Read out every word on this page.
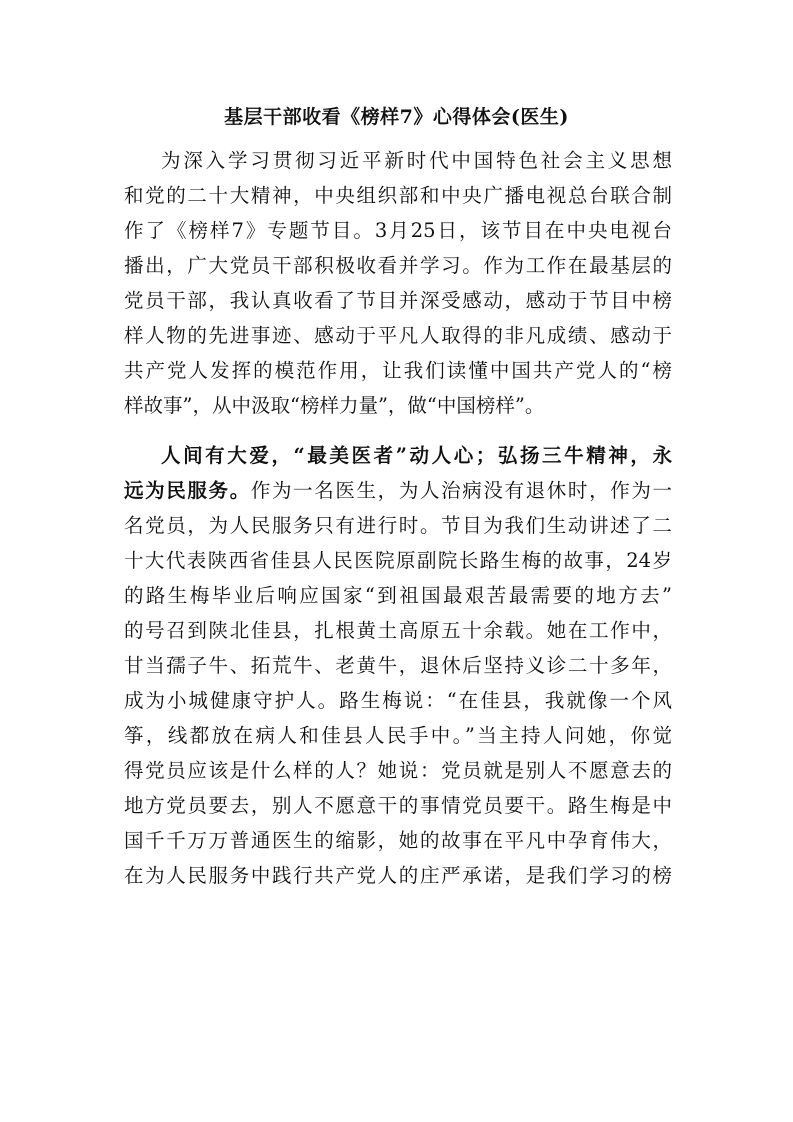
基层干部收看《榜样7》心得体会(医生)
为深入学习贯彻习近平新时代中国特色社会主义思想
和党的二十大精神，中央组织部和中央广播电视总台联合制
作了《榜样7》专题节目。3月25日，该节目在中央电视台
播出，广大党员干部积极收看并学习。作为工作在最基层的
党员干部，我认真收看了节目并深受感动，感动于节目中榜
样人物的先进事迹、感动于平凡人取得的非凡成绩、感动于
共产党人发挥的模范作用，让我们读懂中国共产党人的“榜
样故事”，从中汲取“榜样力量”，做“中国榜样”。
人间有大爱，“最美医者”动人心；弘扬三牛精神，永
远为民服务。作为一名医生，为人治病没有退休时，作为一
名党员，为人民服务只有进行时。节目为我们生动讲述了二
十大代表陕西省佳县人民医院原副院长路生梅的故事，24岁
的路生梅毕业后响应国家“到祖国最艰苦最需要的地方去”
的号召到陕北佳县，扎根黄土高原五十余载。她在工作中，
甘当孺子牛、拓荒牛、老黄牛，退休后坚持义诊二十多年，
成为小城健康守护人。路生梅说：“在佳县，我就像一个风
筝，线都放在病人和佳县人民手中。”当主持人问她，你觉
得党员应该是什么样的人？她说：党员就是别人不愿意去的
地方党员要去，别人不愿意干的事情党员要干。路生梅是中
国千千万万普通医生的缩影，她的故事在平凡中孕育伟大，
在为人民服务中践行共产党人的庄严承诺，是我们学习的榜
